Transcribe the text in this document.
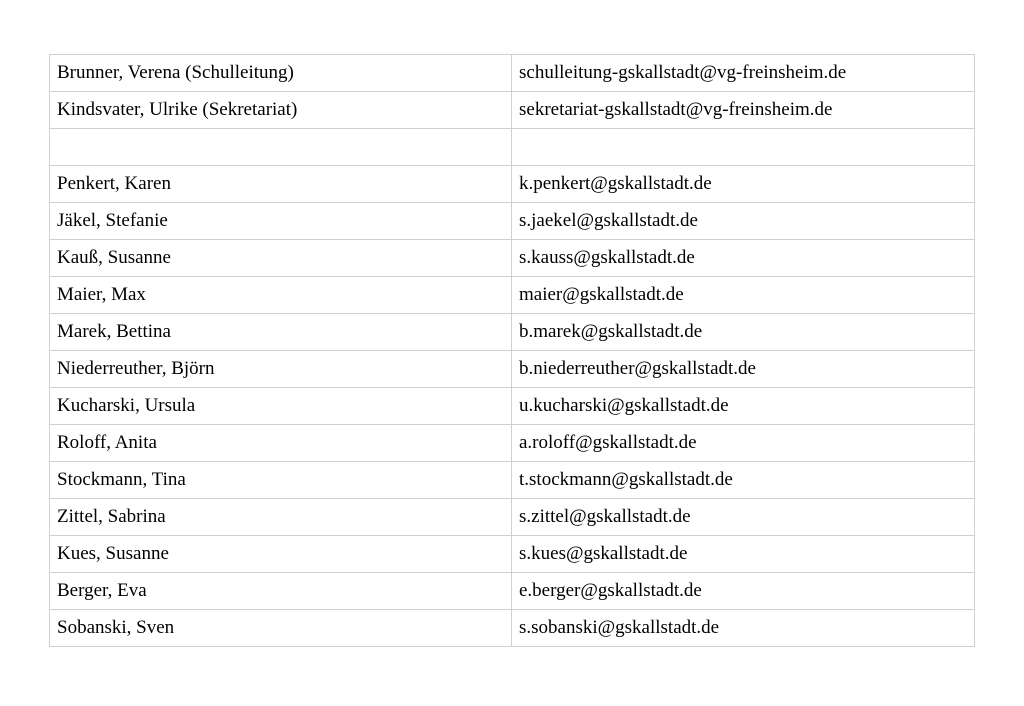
Brunner, Verena (Schulleitung)	schulleitung-gskallstadt@vg-freinsheim.de
Kindsvater, Ulrike (Sekretariat)	sekretariat-gskallstadt@vg-freinsheim.de

Penkert, Karen	k.penkert@gskallstadt.de
Jäkel, Stefanie	s.jaekel@gskallstadt.de
Kauß, Susanne	s.kauss@gskallstadt.de
Maier, Max	maier@gskallstadt.de
Marek, Bettina	b.marek@gskallstadt.de
Niederreuther, Björn	b.niederreuther@gskallstadt.de
Kucharski, Ursula	u.kucharski@gskallstadt.de
Roloff, Anita	a.roloff@gskallstadt.de
Stockmann, Tina	t.stockmann@gskallstadt.de
Zittel, Sabrina	s.zittel@gskallstadt.de
Kues, Susanne	s.kues@gskallstadt.de
Berger, Eva	e.berger@gskallstadt.de
Sobanski, Sven	s.sobanski@gskallstadt.de
